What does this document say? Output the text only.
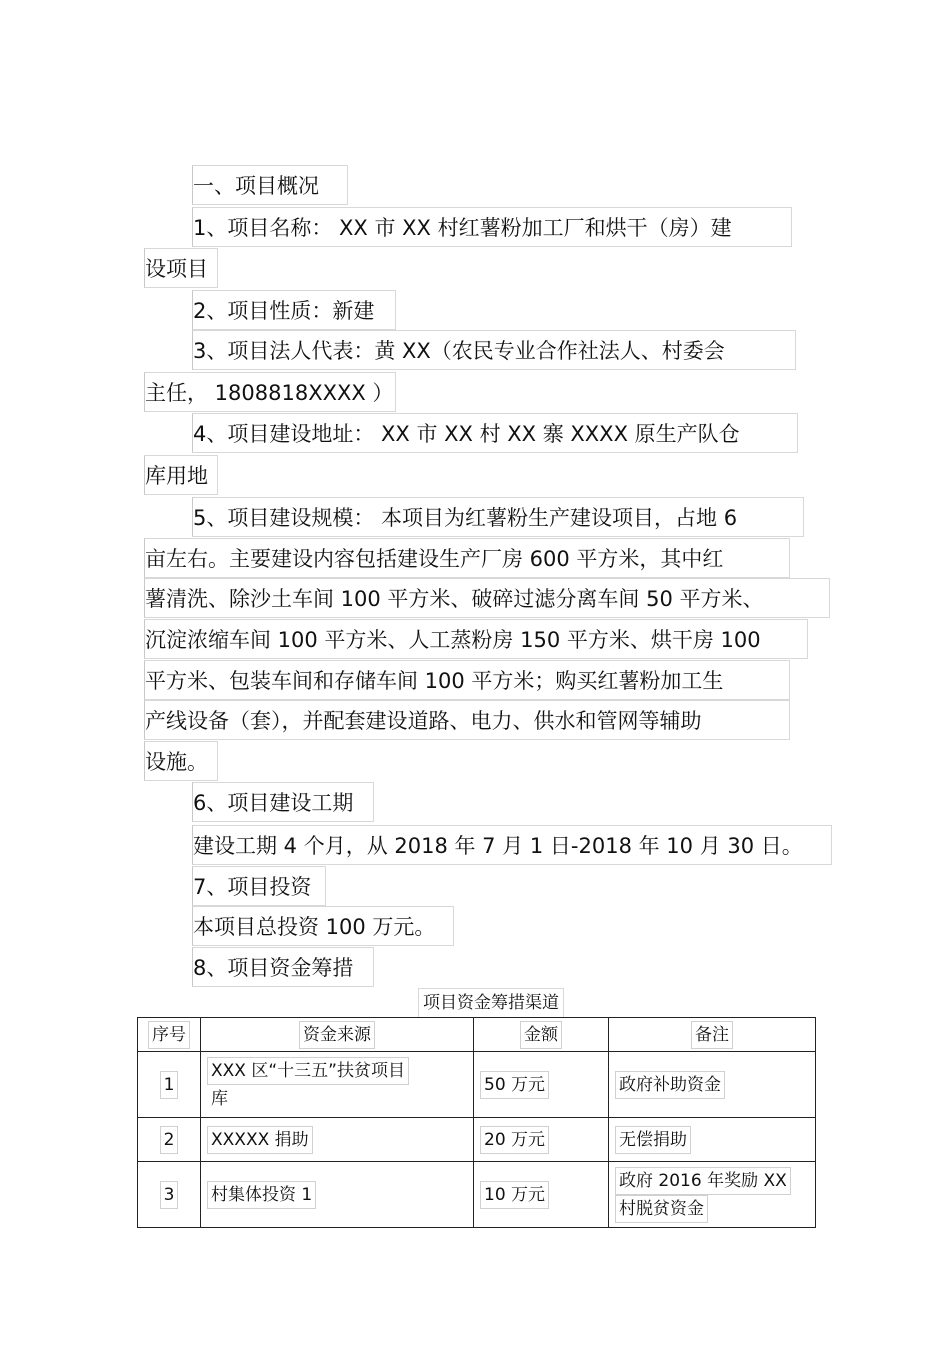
一、项目概况
1、项目名称： XX 市 XX 村红薯粉加工厂和烘干（房）建
设项目
2、项目性质：新建
3、项目法人代表：黄 XX（农民专业合作社法人、村委会
主任， 1808818XXXX ）
4、项目建设地址： XX 市 XX 村 XX 寨 XXXX 原生产队仓
库用地
5、项目建设规模： 本项目为红薯粉生产建设项目，占地 6
亩左右。主要建设内容包括建设生产厂房 600 平方米，其中红
薯清洗、除沙土车间 100 平方米、破碎过滤分离车间 50 平方米、
沉淀浓缩车间 100 平方米、人工蒸粉房 150 平方米、烘干房 100
平方米、包装车间和存储车间 100 平方米；购买红薯粉加工生
产线设备（套），并配套建设道路、电力、供水和管网等辅助
设施。
6、项目建设工期
建设工期 4 个月，从 2018 年 7 月 1 日-2018 年 10 月 30 日。
7、项目投资
本项目总投资 100 万元。
8、项目资金筹措
项目资金筹措渠道
序号	资金来源	金额	备注
1	XXX 区“十三五”扶贫项目
库	50 万元	政府补助资金
2	XXXXX 捐助	20 万元	无偿捐助
3	村集体投资 1	10 万元	政府 2016 年奖励 XX
村脱贫资金
